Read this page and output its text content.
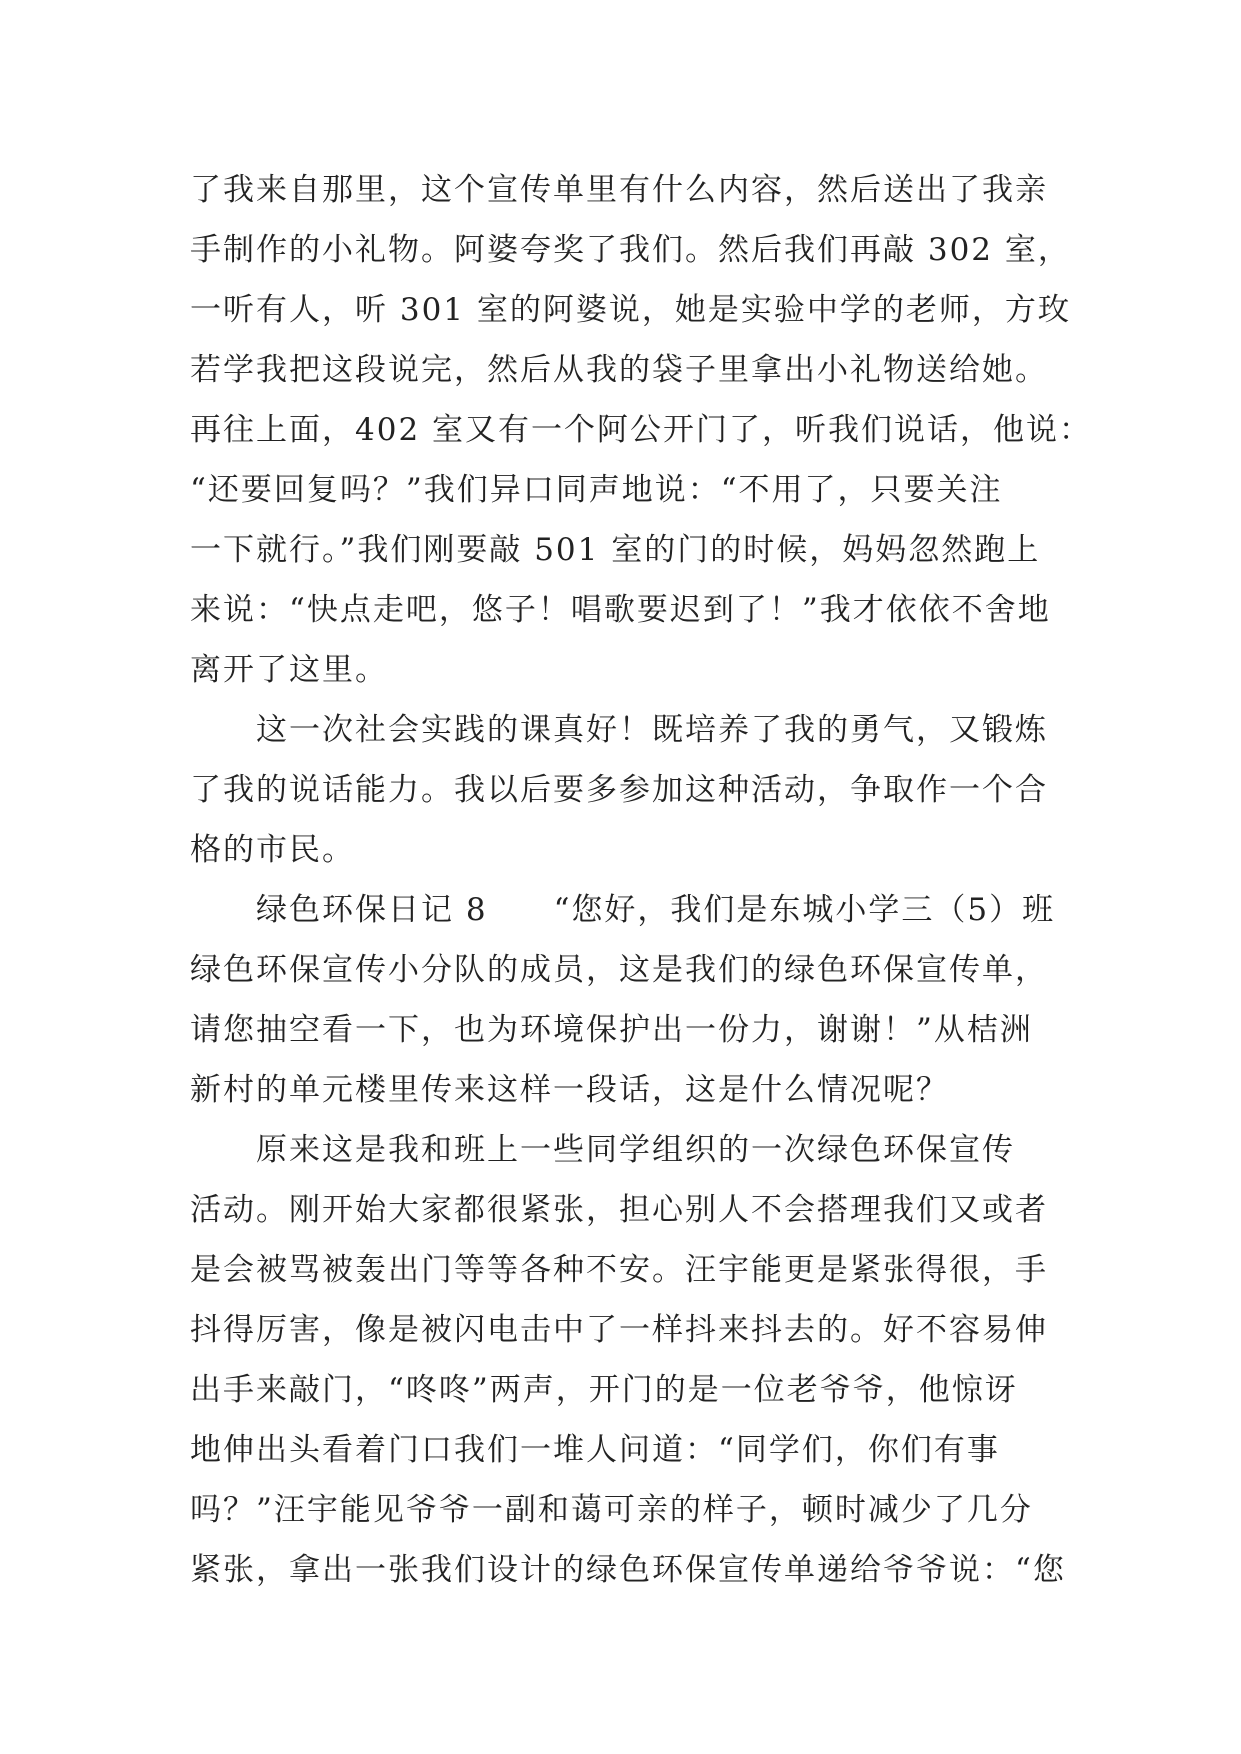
了我来自那里，这个宣传单里有什么内容，然后送出了我亲
手制作的小礼物。阿婆夸奖了我们。然后我们再敲 302 室，
一听有人，听 301 室的阿婆说，她是实验中学的老师，方玫
若学我把这段说完，然后从我的袋子里拿出小礼物送给她。
再往上面，402 室又有一个阿公开门了，听我们说话，他说：
“还要回复吗？”我们异口同声地说：“不用了，只要关注
一下就行。”我们刚要敲 501 室的门的时候，妈妈忽然跑上
来说：“快点走吧，悠子！唱歌要迟到了！”我才依依不舍地
离开了这里。
　　这一次社会实践的课真好！既培养了我的勇气，又锻炼
了我的说话能力。我以后要多参加这种活动，争取作一个合
格的市民。
　　绿色环保日记 8　　“您好，我们是东城小学三（5）班
绿色环保宣传小分队的成员，这是我们的绿色环保宣传单，
请您抽空看一下，也为环境保护出一份力，谢谢！”从桔洲
新村的单元楼里传来这样一段话，这是什么情况呢？
　　原来这是我和班上一些同学组织的一次绿色环保宣传
活动。刚开始大家都很紧张，担心别人不会搭理我们又或者
是会被骂被轰出门等等各种不安。汪宇能更是紧张得很，手
抖得厉害，像是被闪电击中了一样抖来抖去的。好不容易伸
出手来敲门，“咚咚”两声，开门的是一位老爷爷，他惊讶
地伸出头看着门口我们一堆人问道：“同学们，你们有事
吗？”汪宇能见爷爷一副和蔼可亲的样子，顿时减少了几分
紧张，拿出一张我们设计的绿色环保宣传单递给爷爷说：“您
